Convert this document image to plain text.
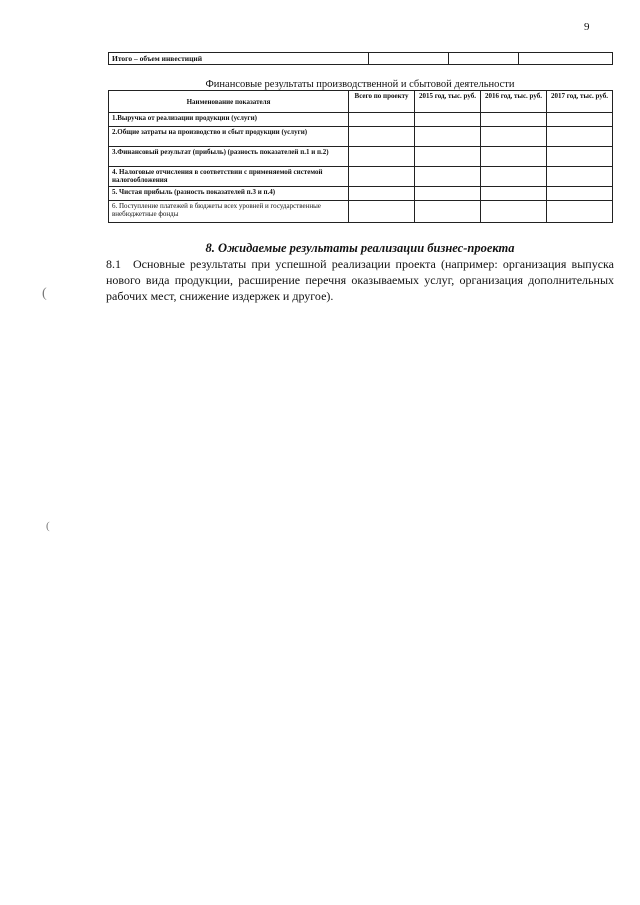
9
Итого – объем инвестиций			
Финансовые результаты производственной и сбытовой деятельности
Наименование показателя	Всего по проекту	2015 год, тыс. руб.	2016 год, тыс. руб.	2017 год, тыс. руб.
1.Выручка от реализации продукции (услуги)				
2.Общие затраты на производство и сбыт продукции (услуги)				
3.Финансовый результат (прибыль) (разность показателей п.1 и п.2)				
4. Налоговые отчисления в соответствии с применяемой системой налогообложения				
5. Чистая прибыль (разность показателей п.3 и п.4)				
6. Поступление платежей в бюджеты всех уровней и государственные внебюджетные фонды				
8. Ожидаемые результаты реализации бизнес-проекта
8.1 Основные результаты при успешной реализации проекта (например: организация выпуска нового вида продукции, расширение перечня оказываемых услуг, организация дополнительных рабочих мест, снижение издержек и другое).
(
(
